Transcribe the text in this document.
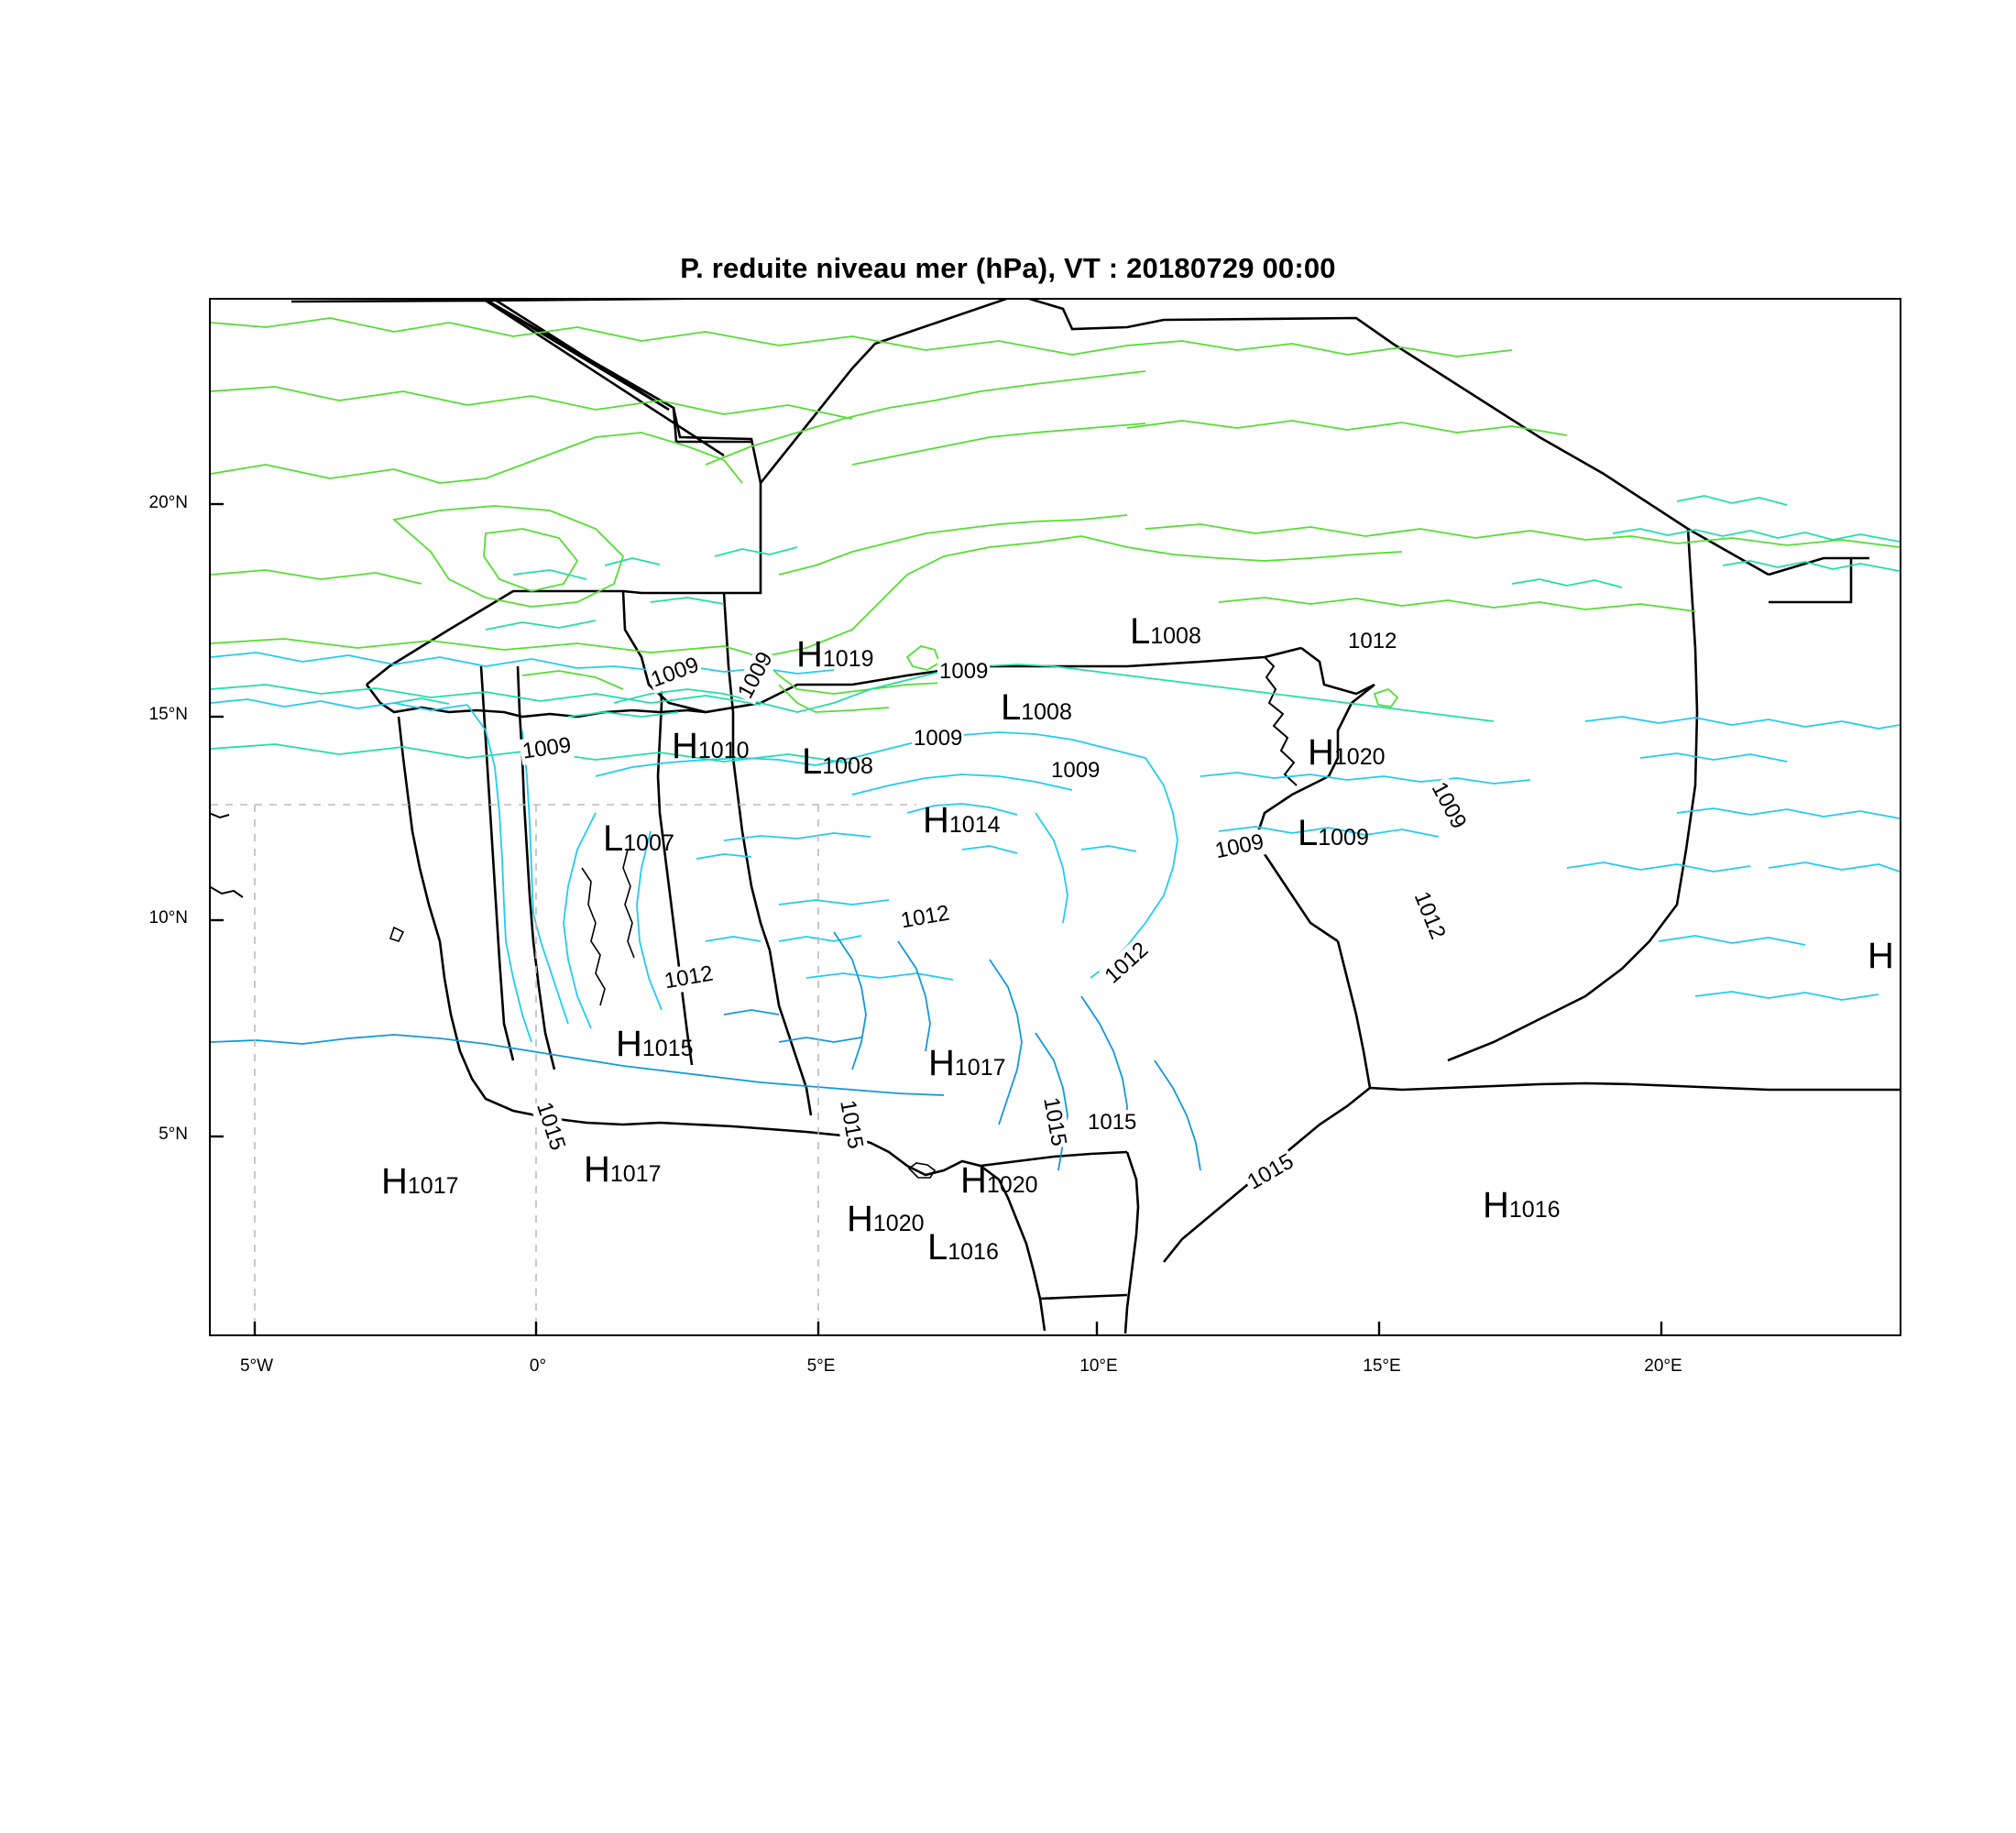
P. reduite niveau mer (hPa), VT : 20180729 00:00
20°N
15°N
10°N
5°N
5°W	0°	5°E	10°E	15°E	20°E
1009 1009	1009
1009	1009
1009
1012
1009
1009
1012
1012
1012
1012
1015	1015	1015 1015
1015
L1008
H1019
L1008
H1010 L1008	H1020
H1014	L1009
L1007
H
H1015	H1017
H1017
H1017	H1020	H1016
H1020
L1016
